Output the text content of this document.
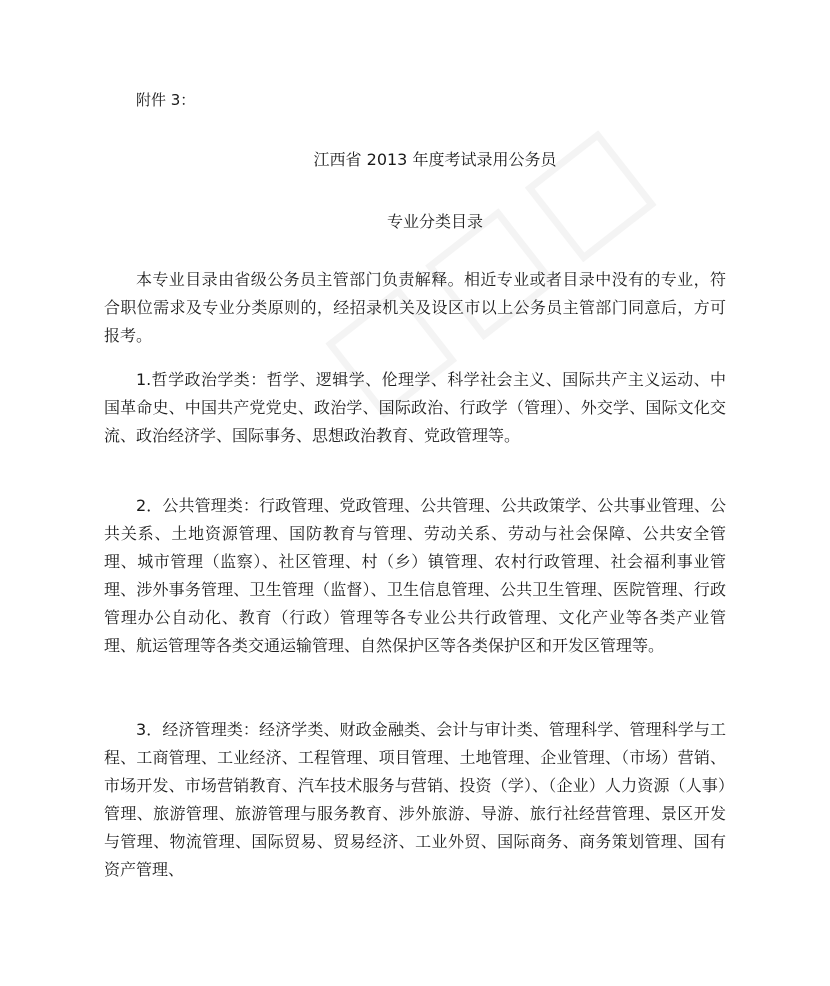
附件 3：
江西省 2013 年度考试录用公务员
专业分类目录
本专业目录由省级公务员主管部门负责解释。相近专业或者目录中没有的专业，符合职位需求及专业分类原则的，经招录机关及设区市以上公务员主管部门同意后，方可报考。
1.哲学政治学类：哲学、逻辑学、伦理学、科学社会主义、国际共产主义运动、中国革命史、中国共产党党史、政治学、国际政治、行政学（管理）、外交学、国际文化交流、政治经济学、国际事务、思想政治教育、党政管理等。
2．公共管理类：行政管理、党政管理、公共管理、公共政策学、公共事业管理、公共关系、土地资源管理、国防教育与管理、劳动关系、劳动与社会保障、公共安全管理、城市管理（监察）、社区管理、村（乡）镇管理、农村行政管理、社会福利事业管理、涉外事务管理、卫生管理（监督）、卫生信息管理、公共卫生管理、医院管理、行政管理办公自动化、教育（行政）管理等各专业公共行政管理、文化产业等各类产业管理、航运管理等各类交通运输管理、自然保护区等各类保护区和开发区管理等。
3．经济管理类：经济学类、财政金融类、会计与审计类、管理科学、管理科学与工程、工商管理、工业经济、工程管理、项目管理、土地管理、企业管理、（市场）营销、市场开发、市场营销教育、汽车技术服务与营销、投资（学）、（企业）人力资源（人事）管理、旅游管理、旅游管理与服务教育、涉外旅游、导游、旅行社经营管理、景区开发与管理、物流管理、国际贸易、贸易经济、工业外贸、国际商务、商务策划管理、国有资产管理、
